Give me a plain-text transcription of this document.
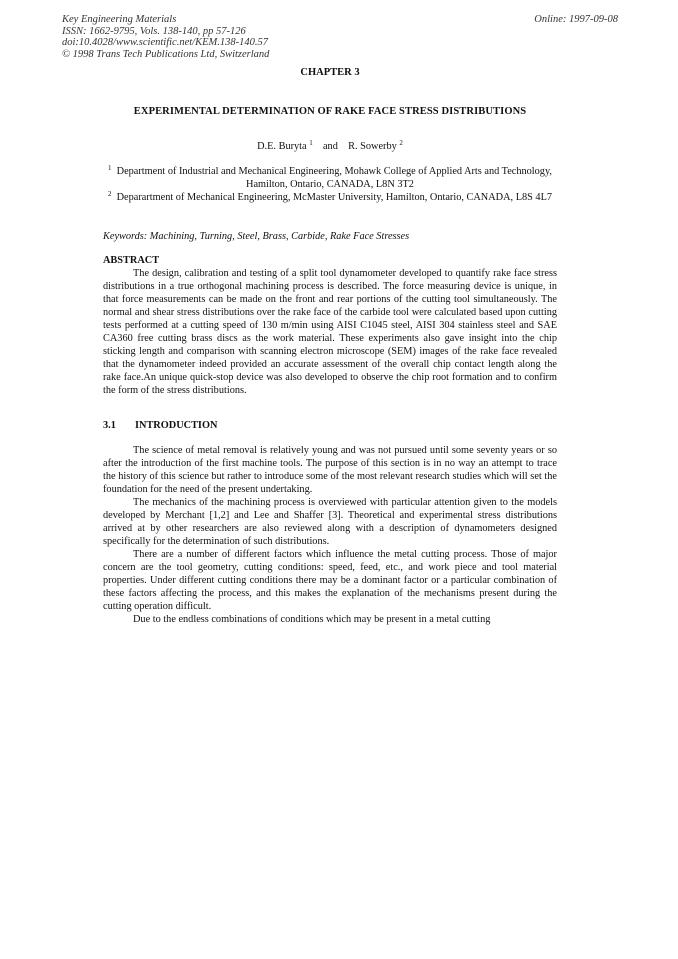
Key Engineering Materials
ISSN: 1662-9795, Vols. 138-140, pp 57-126
doi:10.4028/www.scientific.net/KEM.138-140.57
© 1998 Trans Tech Publications Ltd, Switzerland
Online: 1997-09-08
CHAPTER 3
EXPERIMENTAL DETERMINATION OF RAKE FACE STRESS DISTRIBUTIONS
D.E. Buryta $^1$ and R. Sowerby $^2$

$^1$ Department of Industrial and Mechanical Engineering, Mohawk College of Applied Arts and Technology, Hamilton, Ontario, CANADA, L8N 3T2

$^2$ Deparartment of Mechanical Engineering, McMaster University, Hamilton, Ontario, CANADA, L8S 4L7

Keywords: Machining, Turning, Steel, Brass, Carbide, Rake Face Stresses

ABSTRACT

The design, calibration and testing of a split tool dynamometer developed to quantify rake face stress distributions in a true orthogonal machining process is described. The force measuring device is unique, in that force measurements can be made on the front and rear portions of the cutting tool simultaneously. The normal and shear stress distributions over the rake face of the carbide tool were calculated based upon cutting tests performed at a cutting speed of 130 m/min using AISI C1045 steel, AISI 304 stainless steel and SAE CA360 free cutting brass discs as the work material. These experiments also gave insight into the chip sticking length and comparison with scanning electron microscope (SEM) images of the rake face revealed that the dynamometer indeed provided an accurate assessment of the overall chip contact length along the rake face.An unique quick-stop device was also developed to observe the chip root formation and to confirm the form of the stress distributions.

3.1 INTRODUCTION

The science of metal removal is relatively young and was not pursued until some seventy years or so after the introduction of the first machine tools. The purpose of this section is in no way an attempt to trace the history of this science but rather to introduce some of the most relevant research studies which will set the foundation for the need of the present undertaking.

The mechanics of the machining process is overviewed with particular attention given to the models developed by Merchant [1,2] and Lee and Shaffer [3]. Theoretical and experimental stress distributions arrived at by other researchers are also reviewed along with a description of dynamometers designed specifically for the determination of such distributions.

There are a number of different factors which influence the metal cutting process. Those of major concern are the tool geometry, cutting conditions: speed, feed, etc., and work piece and tool material properties. Under different cutting conditions there may be a dominant factor or a particular combination of these factors affecting the process, and this makes the explanation of the mechanisms present during the cutting operation difficult.

Due to the endless combinations of conditions which may be present in a metal cutting
